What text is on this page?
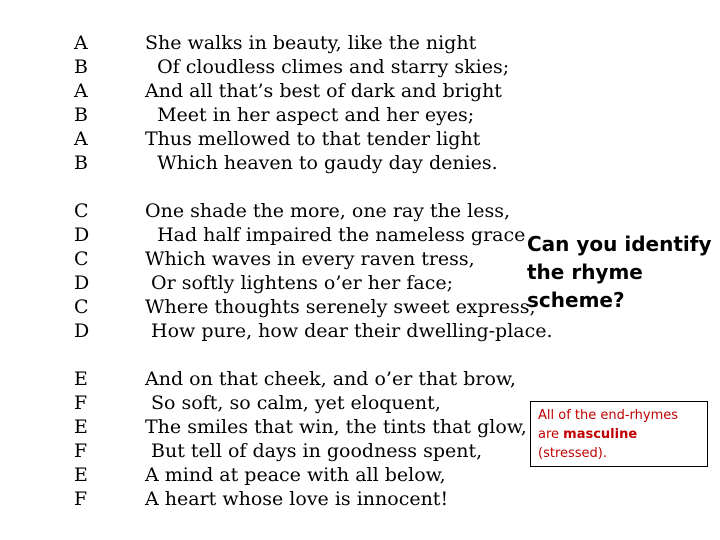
A	She walks in beauty, like the night
B	Of cloudless climes and starry skies;
A	And all that’s best of dark and bright
B	Meet in her aspect and her eyes;
A	Thus mellowed to that tender light
B	Which heaven to gaudy day denies.
C	One shade the more, one ray the less,
D	Had half impaired the nameless grace
C	Which waves in every raven tress,
D	Or softly lightens o’er her face;
C	Where thoughts serenely sweet express,
D	How pure, how dear their dwelling-place.
E	And on that cheek, and o’er that brow,
F	So soft, so calm, yet eloquent,
E	The smiles that win, the tints that glow,
F	But tell of days in goodness spent,
E	A mind at peace with all below,
F	A heart whose love is innocent!
Can you identify the rhyme scheme?
All of the end-rhymes are masculine (stressed).
